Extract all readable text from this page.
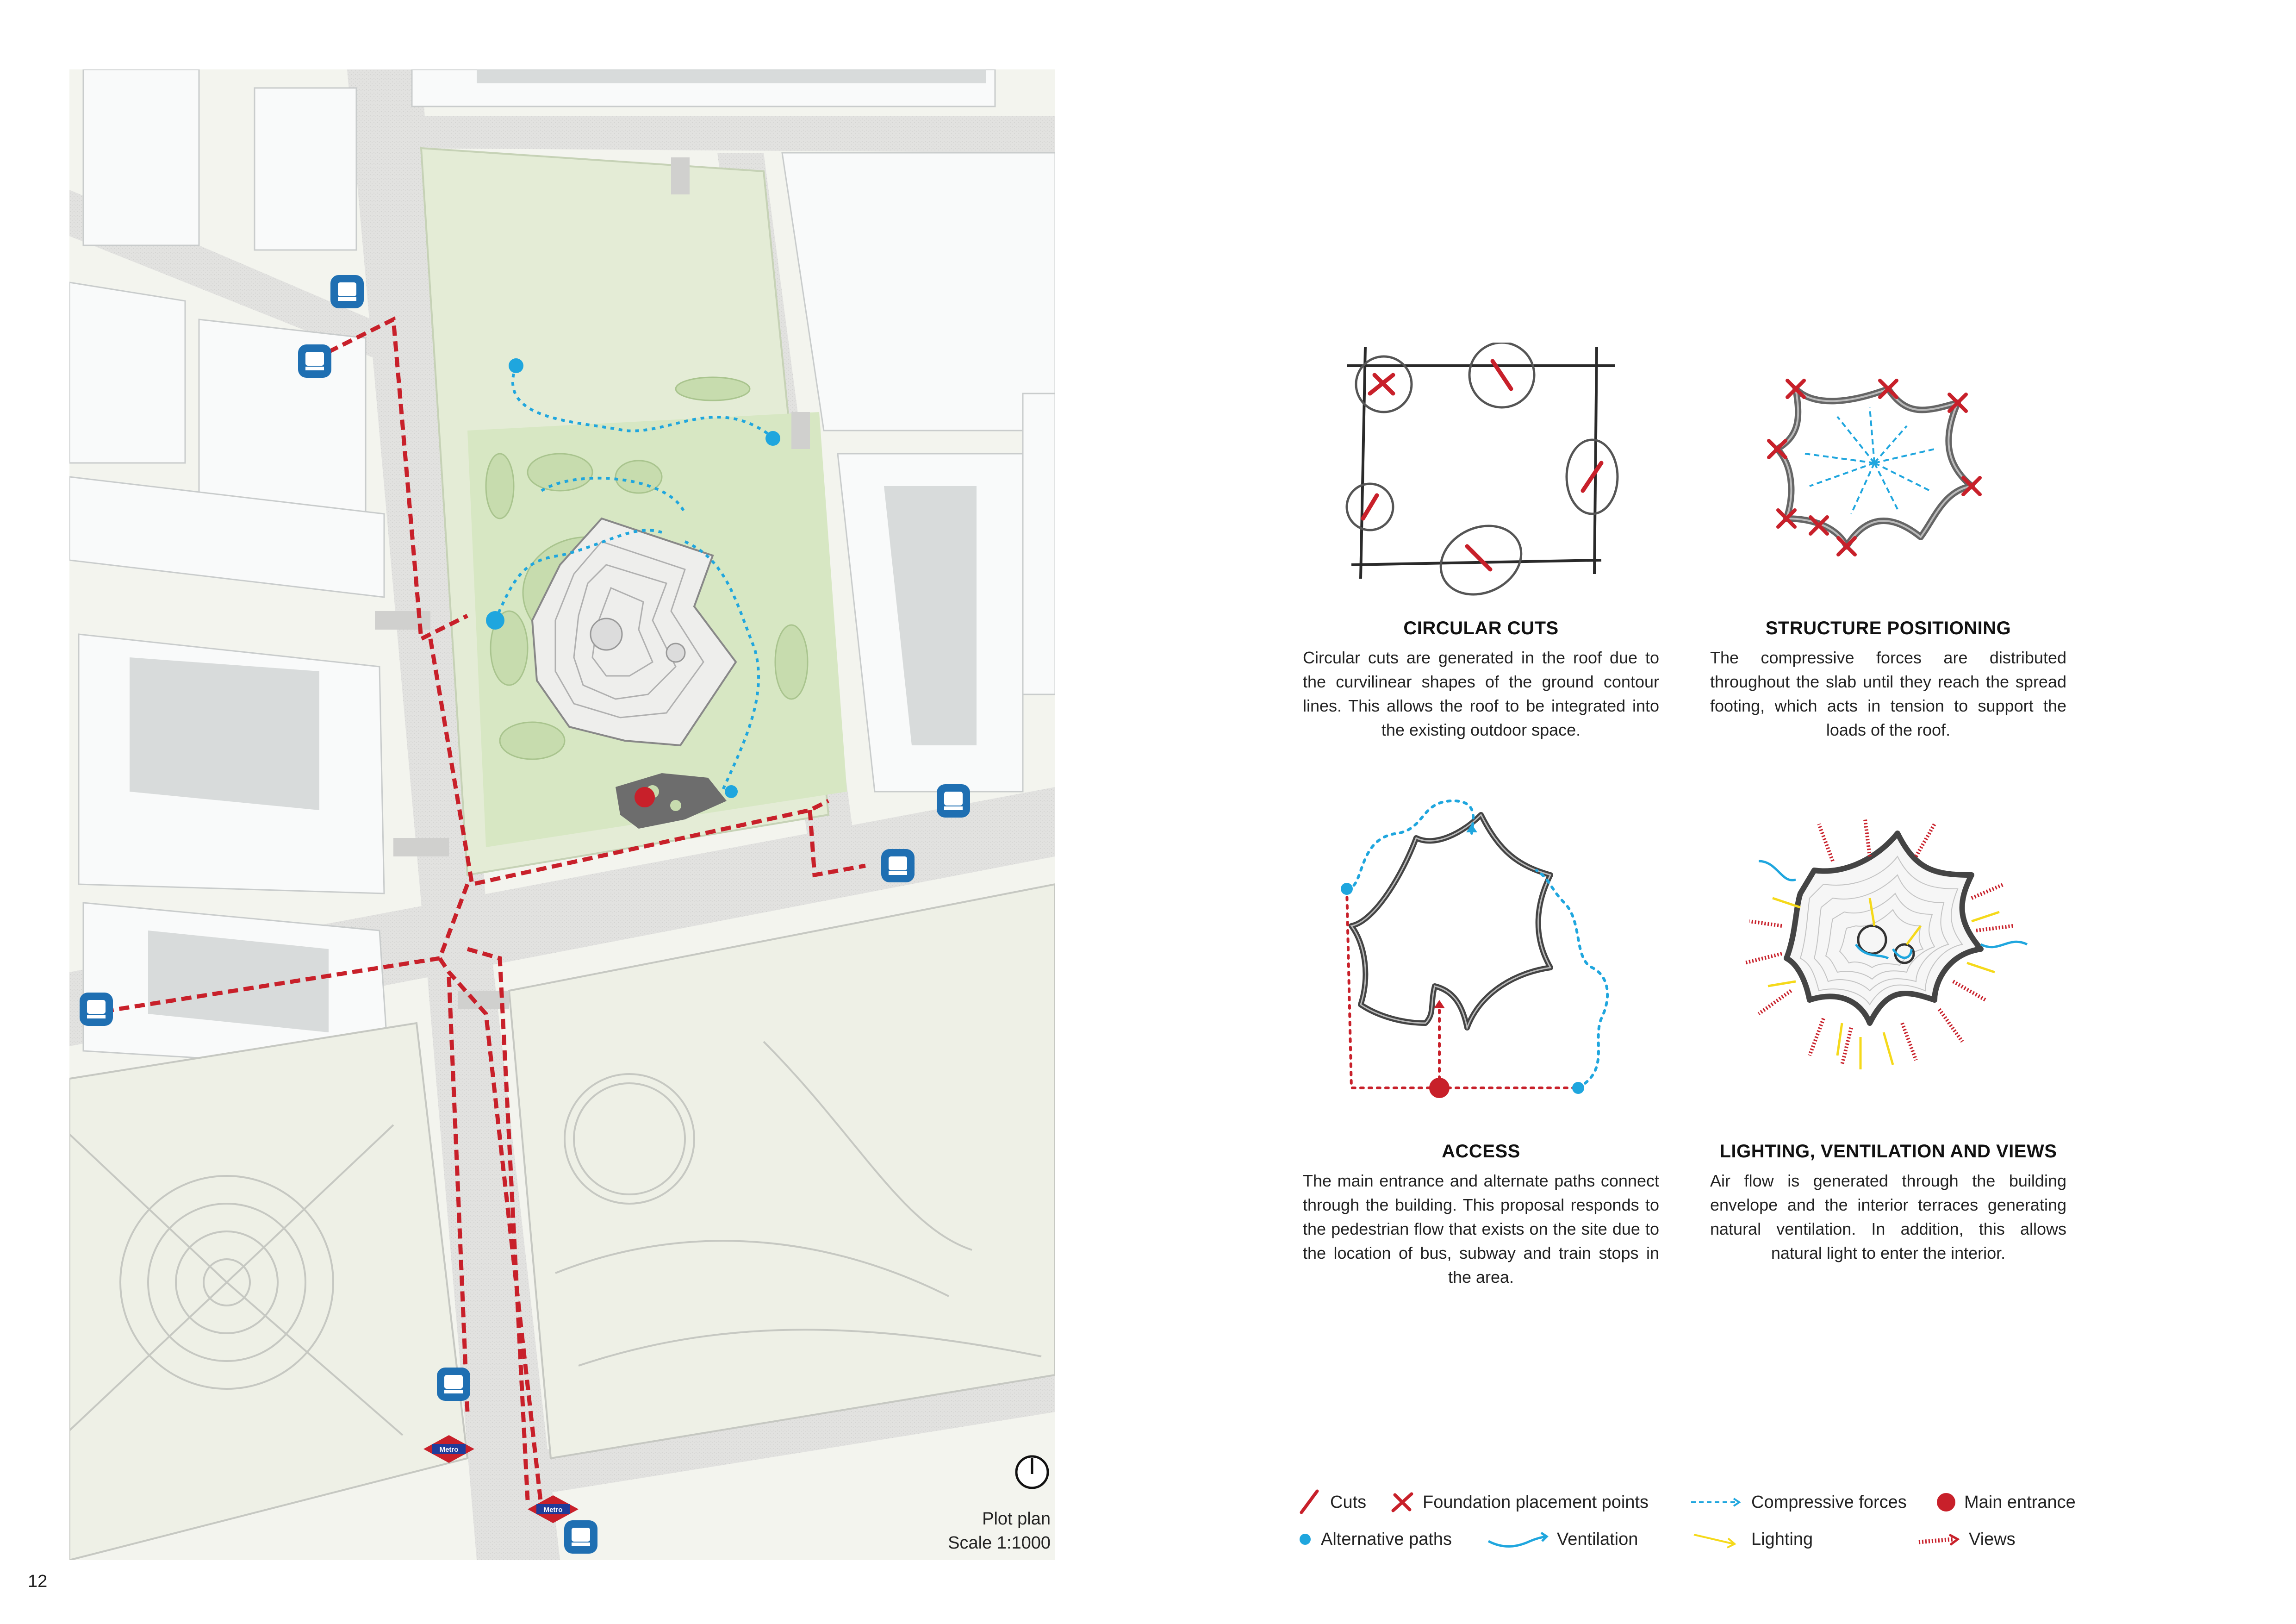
Metro
Metro	Plot plan
Scale 1:1000
CIRCULAR CUTS
Circular cuts are generated in the roof due to the curvilinear shapes of the ground contour lines. This allows the roof to be integrated into the existing outdoor space.
STRUCTURE POSITIONING
The compressive forces are distributed throughout the slab until they reach the spread footing, which acts in tension to support the loads of the roof.
ACCESS
The main entrance and alternate paths connect through the building. This proposal responds to the pedestrian flow that exists on the site due to the location of bus, subway and train stops in the area.
LIGHTING, VENTILATION AND VIEWS
Air flow is generated through the building envelope and the interior terraces generating natural ventilation. In addition, this allows natural light to enter the interior.
Cuts	Foundation placement points	Compressive forces	Main entrance
Alternative paths	Ventilation	Lighting	Views
12
